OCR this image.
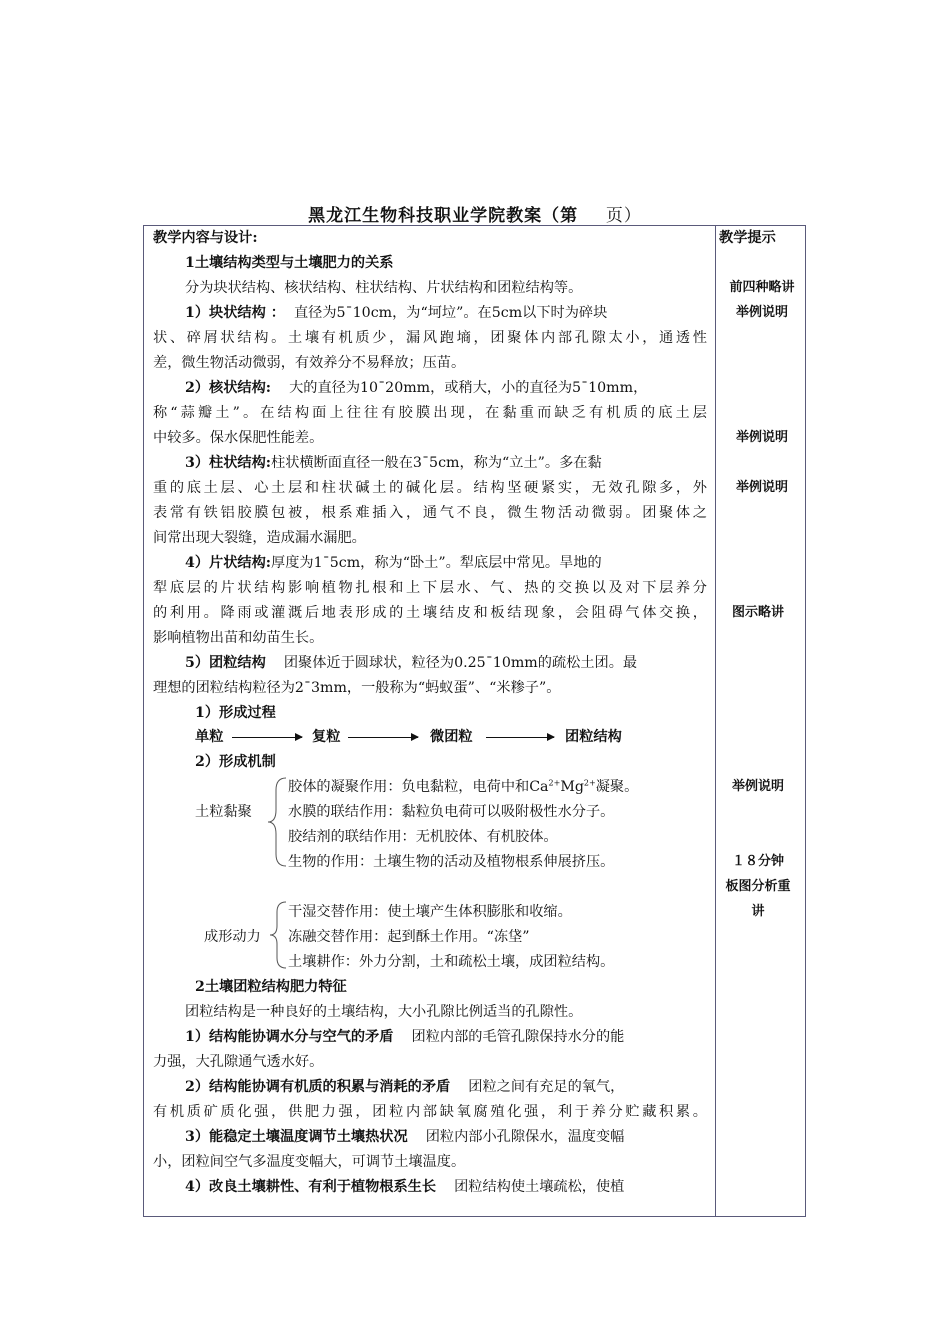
黑龙江生物科技职业学院教案（第 页）
教学内容与设计:	教学提示
1土壤结构类型与土壤肥力的关系
分为块状结构、核状结构、柱状结构、片状结构和团粒结构等。
1）块状结构 ： 直径为5¯10cm，为“坷垃”。在5cm以下时为碎块
状、碎屑状结构。土壤有机质少，漏风跑墒，团聚体内部孔隙太小，通透性
差，微生物活动微弱，有效养分不易释放；压苗。
2）核状结构: 大的直径为10¯20mm，或稍大，小的直径为5¯10mm，
称“蒜瓣土”。在结构面上往往有胶膜出现，在黏重而缺乏有机质的底土层
中较多。保水保肥性能差。
3）柱状结构:柱状横断面直径一般在3¯5cm，称为“立土”。多在黏
重的底土层、心土层和柱状碱土的碱化层。结构坚硬紧实，无效孔隙多，外
表常有铁铝胶膜包被，根系难插入，通气不良，微生物活动微弱。团聚体之
间常出现大裂缝，造成漏水漏肥。
4）片状结构:厚度为1¯5cm，称为“卧土”。犁底层中常见。旱地的
犁底层的片状结构影响植物扎根和上下层水、气、热的交换以及对下层养分
的利用。降雨或灌溉后地表形成的土壤结皮和板结现象，会阻碍气体交换，
影响植物出苗和幼苗生长。
5）团粒结构 团聚体近于圆球状，粒径为0.25¯10mm的疏松土团。最
理想的团粒结构粒径为2¯3mm，一般称为“蚂蚁蛋”、“米糁子”。
1）形成过程
单粒	复粒	微团粒	团粒结构
2）形成机制
土粒黏聚
胶体的凝聚作用：负电黏粒，电荷中和$Ca^{2+}Mg^{2+}$凝聚。
水膜的联结作用：黏粒负电荷可以吸附极性水分子。
胶结剂的联结作用：无机胶体、有机胶体。
生物的作用：土壤生物的活动及植物根系伸展挤压。
成形动力
干湿交替作用：使土壤产生体积膨胀和收缩。
冻融交替作用：起到酥土作用。“冻垡”
土壤耕作：外力分割，土和疏松土壤，成团粒结构。
2土壤团粒结构肥力特征
团粒结构是一种良好的土壤结构，大小孔隙比例适当的孔隙性。
1）结构能协调水分与空气的矛盾 团粒内部的毛管孔隙保持水分的能
力强，大孔隙通气透水好。
2）结构能协调有机质的积累与消耗的矛盾 团粒之间有充足的氧气，
有机质矿质化强，供肥力强，团粒内部缺氧腐殖化强，利于养分贮藏积累。
3）能稳定土壤温度调节土壤热状况 团粒内部小孔隙保水，温度变幅
小，团粒间空气多温度变幅大，可调节土壤温度。
4）改良土壤耕性、有利于植物根系生长 团粒结构使土壤疏松，使植
前四种略讲
举例说明
举例说明
举例说明
图示略讲
举例说明
１８分钟
板图分析重
讲
